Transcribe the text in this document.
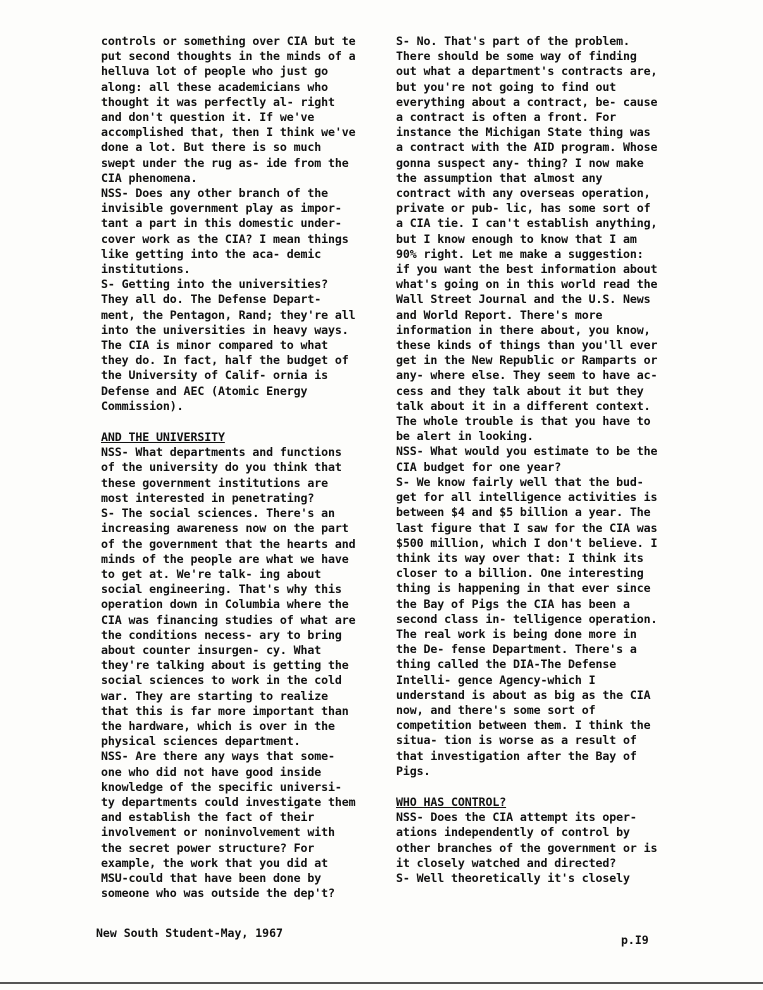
controls or something over CIA but te put second thoughts in the minds of a helluva lot of people who just go along: all these academicians who thought it was perfectly al- right and don't question it. If we've accomplished that, then I think we've done a lot. But there is so much swept under the rug as- ide from the CIA phenomena.

NSS- Does any other branch of the invisible government play as impor- tant a part in this domestic under- cover work as the CIA? I mean things like getting into the aca- demic institutions.

S- Getting into the universities? They all do. The Defense Depart- ment, the Pentagon, Rand; they're all into the universities in heavy ways. The CIA is minor compared to what they do. In fact, half the budget of the University of Calif- ornia is Defense and AEC (Atomic Energy Commission).

AND THE UNIVERSITY

NSS- What departments and functions of the university do you think that these government institutions are most interested in penetrating?

S- The social sciences. There's an increasing awareness now on the part of the government that the hearts and minds of the people are what we have to get at. We're talk- ing about social engineering. That's why this operation down in Columbia where the CIA was financing studies of what are the conditions necess- ary to bring about counter insurgen- cy. What they're talking about is getting the social sciences to work in the cold war. They are starting to realize that this is far more important than the hardware, which is over in the physical sciences department.

NSS- Are there any ways that some- one who did not have good inside knowledge of the specific universi- ty departments could investigate them and establish the fact of their involvement or noninvolvement with the secret power structure? For example, the work that you did at MSU-could that have been done by someone who was outside the dep't?

S- No. That's part of the problem. There should be some way of finding out what a department's contracts are, but you're not going to find out everything about a contract, be- cause a contract is often a front. For instance the Michigan State thing was a contract with the AID program. Whose gonna suspect any- thing? I now make the assumption that almost any contract with any overseas operation, private or pub- lic, has some sort of a CIA tie. I can't establish anything, but I know enough to know that I am 90% right. Let me make a suggestion: if you want the best information about what's going on in this world read the Wall Street Journal and the U.S. News and World Report. There's more information in there about, you know, these kinds of things than you'll ever get in the New Republic or Ramparts or any- where else. They seem to have ac- cess and they talk about it but they talk about it in a different context. The whole trouble is that you have to be alert in looking.

NSS- What would you estimate to be the CIA budget for one year?

S- We know fairly well that the bud- get for all intelligence activities is between $4 and $5 billion a year. The last figure that I saw for the CIA was $500 million, which I don't believe. I think its way over that: I think its closer to a billion. One interesting thing is happening in that ever since the Bay of Pigs the CIA has been a second class in- telligence operation. The real work is being done more in the De- fense Department. There's a thing called the DIA-The Defense Intelli- gence Agency-which I understand is about as big as the CIA now, and there's some sort of competition between them. I think the situa- tion is worse as a result of that investigation after the Bay of Pigs.

WHO HAS CONTROL?

NSS- Does the CIA attempt its oper- ations independently of control by other branches of the government or is it closely watched and directed?

S- Well theoretically it's closely

New South Student-May, 1967	p.I9
